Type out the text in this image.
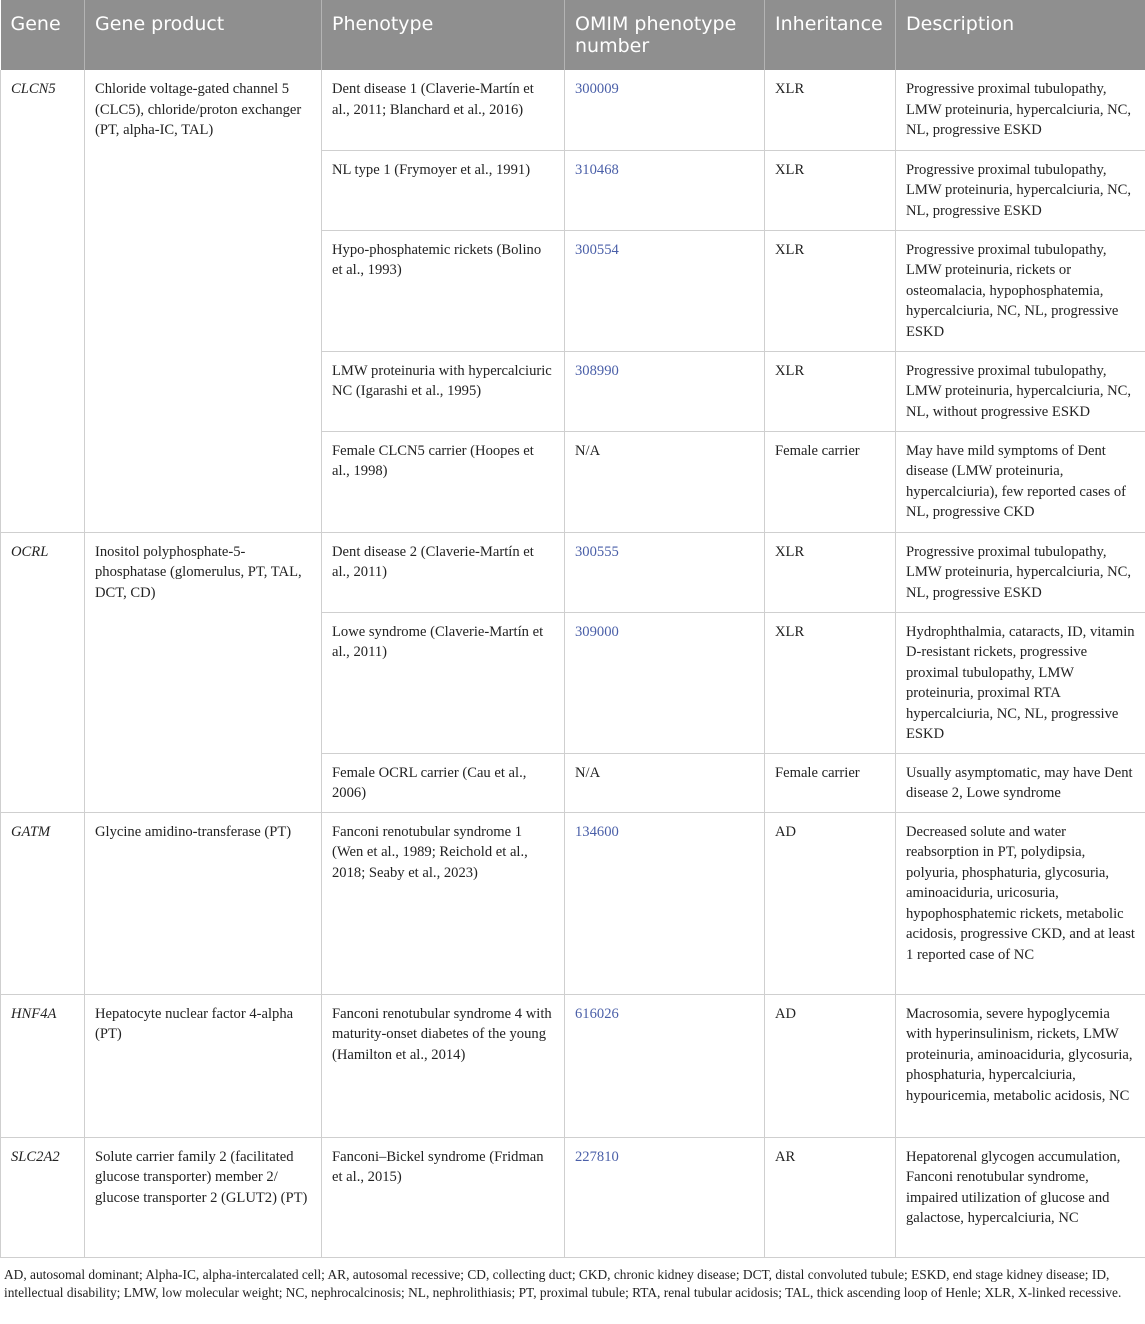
Gene	Gene product	Phenotype	OMIM phenotype number	Inheritance	Description
CLCN5	Chloride voltage-gated channel 5 (CLC5), chloride/proton exchanger (PT, alpha-IC, TAL)	Dent disease 1 (Claverie-Martín et al., 2011; Blanchard et al., 2016)	300009	XLR	Progressive proximal tubulopathy, LMW proteinuria, hypercalciuria, NC, NL, progressive ESKD
		NL type 1 (Frymoyer et al., 1991)	310468	XLR	Progressive proximal tubulopathy, LMW proteinuria, hypercalciuria, NC, NL, progressive ESKD
		Hypo-phosphatemic rickets (Bolino et al., 1993)	300554	XLR	Progressive proximal tubulopathy, LMW proteinuria, rickets or osteomalacia, hypophosphatemia, hypercalciuria, NC, NL, progressive ESKD
		LMW proteinuria with hypercalciuric NC (Igarashi et al., 1995)	308990	XLR	Progressive proximal tubulopathy, LMW proteinuria, hypercalciuria, NC, NL, without progressive ESKD
		Female CLCN5 carrier (Hoopes et al., 1998)	N/A	Female carrier	May have mild symptoms of Dent disease (LMW proteinuria, hypercalciuria), few reported cases of NL, progressive CKD
OCRL	Inositol polyphosphate-5-phosphatase (glomerulus, PT, TAL, DCT, CD)	Dent disease 2 (Claverie-Martín et al., 2011)	300555	XLR	Progressive proximal tubulopathy, LMW proteinuria, hypercalciuria, NC, NL, progressive ESKD
		Lowe syndrome (Claverie-Martín et al., 2011)	309000	XLR	Hydrophthalmia, cataracts, ID, vitamin D-resistant rickets, progressive proximal tubulopathy, LMW proteinuria, proximal RTA hypercalciuria, NC, NL, progressive ESKD
		Female OCRL carrier (Cau et al., 2006)	N/A	Female carrier	Usually asymptomatic, may have Dent disease 2, Lowe syndrome
GATM	Glycine amidino-transferase (PT)	Fanconi renotubular syndrome 1 (Wen et al., 1989; Reichold et al., 2018; Seaby et al., 2023)	134600	AD	Decreased solute and water reabsorption in PT, polydipsia, polyuria, phosphaturia, glycosuria, aminoaciduria, uricosuria, hypophosphatemic rickets, metabolic acidosis, progressive CKD, and at least 1 reported case of NC
HNF4A	Hepatocyte nuclear factor 4-alpha (PT)	Fanconi renotubular syndrome 4 with maturity-onset diabetes of the young (Hamilton et al., 2014)	616026	AD	Macrosomia, severe hypoglycemia with hyperinsulinism, rickets, LMW proteinuria, aminoaciduria, glycosuria, phosphaturia, hypercalciuria, hypouricemia, metabolic acidosis, NC
SLC2A2	Solute carrier family 2 (facilitated glucose transporter) member 2/ glucose transporter 2 (GLUT2) (PT)	Fanconi–Bickel syndrome (Fridman et al., 2015)	227810	AR	Hepatorenal glycogen accumulation, Fanconi renotubular syndrome, impaired utilization of glucose and galactose, hypercalciuria, NC
AD, autosomal dominant; Alpha-IC, alpha-intercalated cell; AR, autosomal recessive; CD, collecting duct; CKD, chronic kidney disease; DCT, distal convoluted tubule; ESKD, end stage kidney disease; ID, intellectual disability; LMW, low molecular weight; NC, nephrocalcinosis; NL, nephrolithiasis; PT, proximal tubule; RTA, renal tubular acidosis; TAL, thick ascending loop of Henle; XLR, X-linked recessive.
